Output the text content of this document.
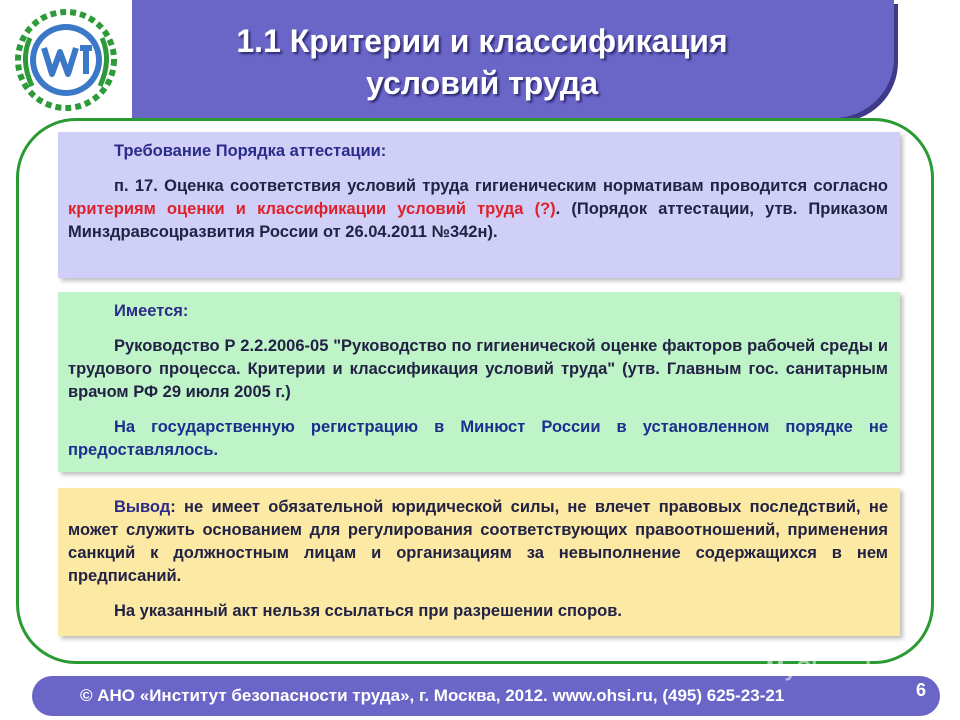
1.1 Критерии и классификация
условий труда

Требование Порядка аттестации:

п. 17. Оценка соответствия условий труда гигиеническим нормативам проводится согласно критериям оценки и классификации условий труда (?). (Порядок аттестации, утв. Приказом Минздравсоцразвития России от 26.04.2011 №342н).

Имеется:

Руководство Р 2.2.2006-05 "Руководство по гигиенической оценке факторов рабочей среды и трудового процесса. Критерии и классификация условий труда" (утв. Главным гос. санитарным врачом РФ 29 июля 2005 г.)

На государственную регистрацию в Минюст России в установленном порядке не предоставлялось.

Вывод: не имеет обязательной юридической силы, не влечет правовых последствий, не может служить основанием для регулирования соответствующих правоотношений, применения санкций к должностным лицам и организациям за невыполнение содержащихся в нем предписаний.

На указанный акт нельзя ссылаться при разрешении споров.

© АНО «Институт безопасности труда», г. Москва, 2012. www.ohsi.ru, (495) 625-23-21	6
MyShared
